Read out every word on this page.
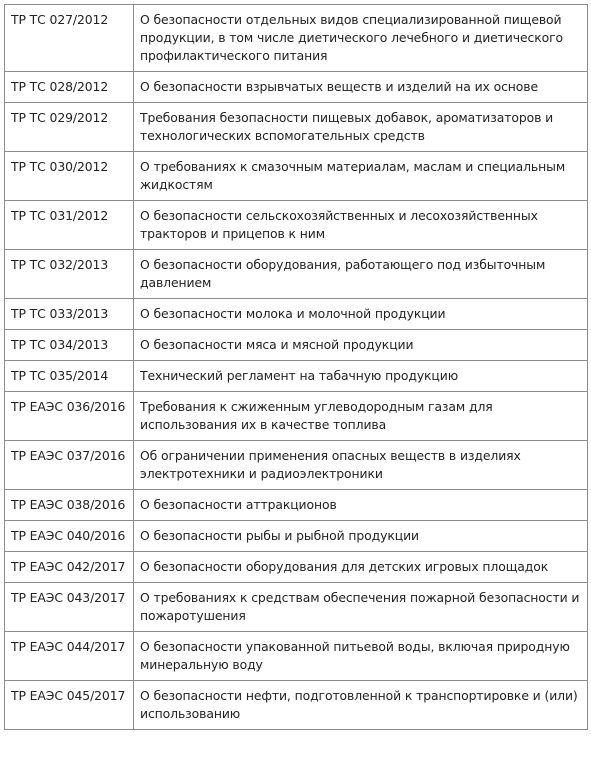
ТР ТС 027/2012	О безопасности отдельных видов специализированной пищевой продукции, в том числе диетического лечебного и диетического профилактического питания
ТР ТС 028/2012	О безопасности взрывчатых веществ и изделий на их основе
ТР ТС 029/2012	Требования безопасности пищевых добавок, ароматизаторов и технологических вспомогательных средств
ТР ТС 030/2012	О требованиях к смазочным материалам, маслам и специальным жидкостям
ТР ТС 031/2012	О безопасности сельскохозяйственных и лесохозяйственных тракторов и прицепов к ним
ТР ТС 032/2013	О безопасности оборудования, работающего под избыточным давлением
ТР ТС 033/2013	О безопасности молока и молочной продукции
ТР ТС 034/2013	О безопасности мяса и мясной продукции
ТР ТС 035/2014	Технический регламент на табачную продукцию
ТР ЕАЭС 036/2016	Требования к сжиженным углеводородным газам для использования их в качестве топлива
ТР ЕАЭС 037/2016	Об ограничении применения опасных веществ в изделиях электротехники и радиоэлектроники
ТР ЕАЭС 038/2016	О безопасности аттракционов
ТР ЕАЭС 040/2016	О безопасности рыбы и рыбной продукции
ТР ЕАЭС 042/2017	О безопасности оборудования для детских игровых площадок
ТР ЕАЭС 043/2017	О требованиях к средствам обеспечения пожарной безопасности и пожаротушения
ТР ЕАЭС 044/2017	О безопасности упакованной питьевой воды, включая природную минеральную воду
ТР ЕАЭС 045/2017	О безопасности нефти, подготовленной к транспортировке и (или) использованию
